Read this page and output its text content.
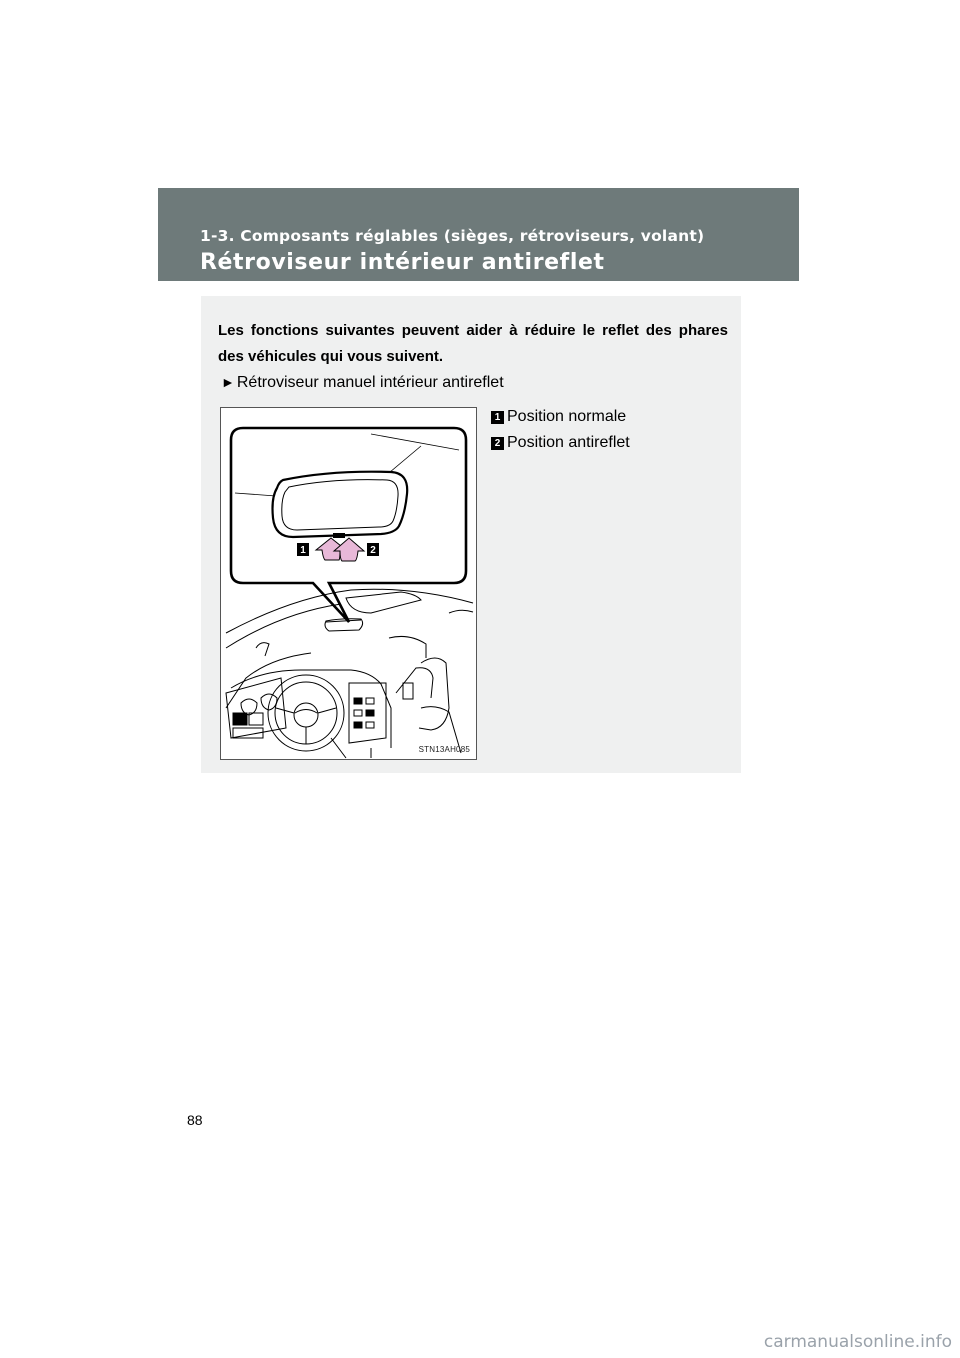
1-3. Composants réglables (sièges, rétroviseurs, volant)
Rétroviseur intérieur antireflet
Les fonctions suivantes peuvent aider à réduire le reflet des phares des véhicules qui vous suivent.
► Rétroviseur manuel intérieur antireflet
1	2
STN13AH085
1 Position normale
2 Position antireflet
88
carmanualsonline.info
